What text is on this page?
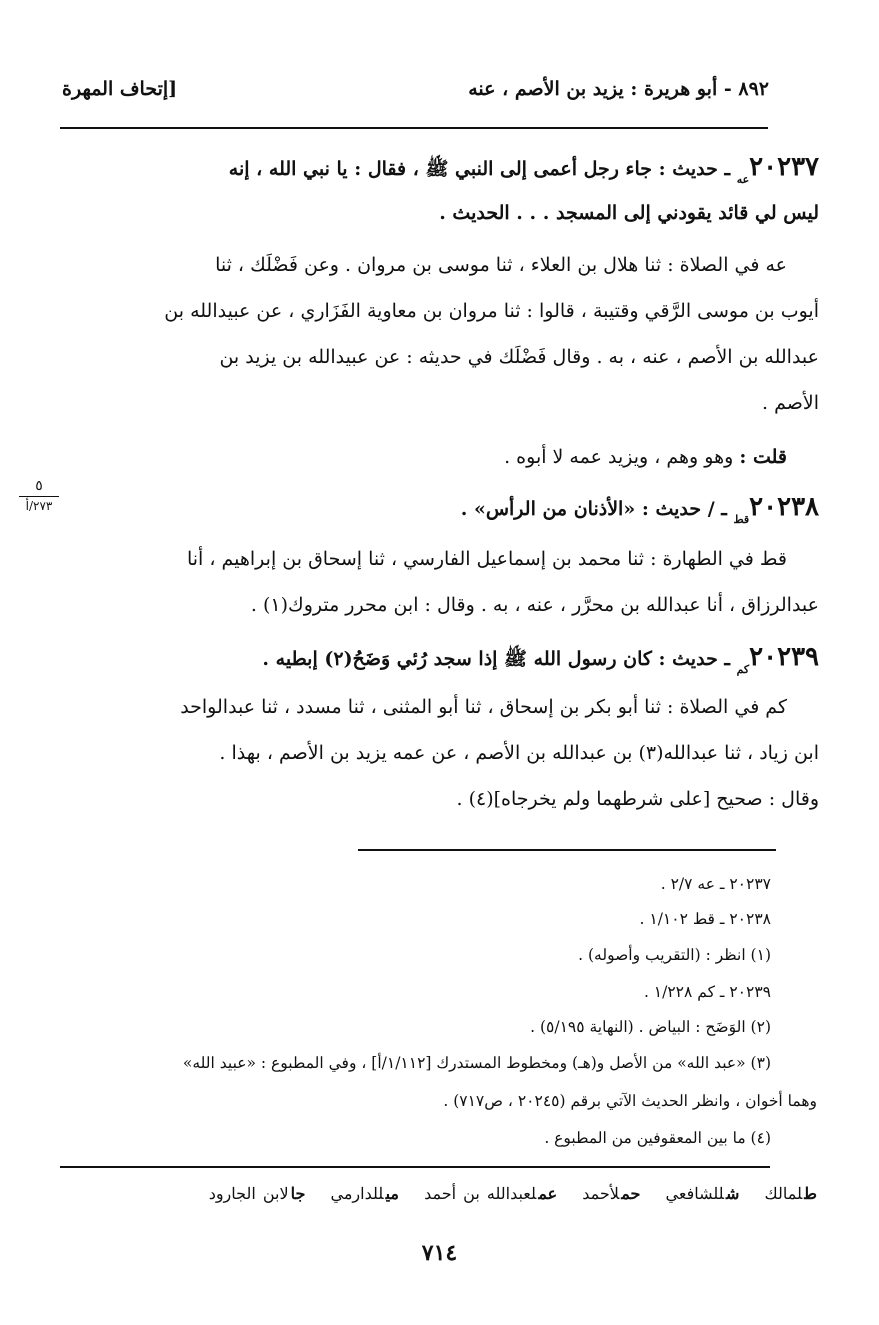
٨٩٢ - أبو هريرة : يزيد بن الأصم ، عنه
[إتحاف المهرة
$٢٠٢٣٧_{عه}$ ـ حديث : جاء رجل أعمى إلى النبي ﷺ ، فقال : يا نبي الله ، إنه
ليس لي قائد يقودني إلى المسجد . . . الحديث .
عه في الصلاة : ثنا هلال بن العلاء ، ثنا موسى بن مروان . وعن فَضْلَك ، ثنا
أيوب بن موسى الرَّقي وقتيبة ، قالوا : ثنا مروان بن معاوية الفَزَاري ، عن عبيدالله بن
عبدالله بن الأصم ، عنه ، به . وقال فَضْلَك في حديثه : عن عبيدالله بن يزيد بن
الأصم .
قلت : وهو وهم ، ويزيد عمه لا أبوه .
٥
٢٧٣/أ	$٢٠٢٣٨_{قط}$ ـ / حديث : «الأذنان من الرأس» .
قط في الطهارة : ثنا محمد بن إسماعيل الفارسي ، ثنا إسحاق بن إبراهيم ، أنا
عبدالرزاق ، أنا عبدالله بن محرَّر ، عنه ، به . وقال : ابن محرر متروك(١) .
$٢٠٢٣٩_{كم}$ ـ حديث : كان رسول الله ﷺ إذا سجد رُئي وَضَحُ(٢) إبطيه .
كم في الصلاة : ثنا أبو بكر بن إسحاق ، ثنا أبو المثنى ، ثنا مسدد ، ثنا عبدالواحد
ابن زياد ، ثنا عبدالله(٣) بن عبدالله بن الأصم ، عن عمه يزيد بن الأصم ، بهذا .
وقال : صحيح [على شرطهما ولم يخرجاه](٤) .
٢٠٢٣٧ ـ عه ٢/٧ .
٢٠٢٣٨ ـ قط ١/١٠٢ .
(١) انظر : (التقريب وأصوله) .
٢٠٢٣٩ ـ كم ١/٢٢٨ .
(٢) الوَضَح : البياض . (النهاية ٥/١٩٥) .
(٣) «عبد الله» من الأصل و(هـ) ومخطوط المستدرك [١/١١٢/أ] ، وفي المطبوع : «عبيد الله»
وهما أخوان ، وانظر الحديث الآتي برقم (٢٠٢٤٥ ، ص٧١٧) .
(٤) ما بين المعقوفين من المطبوع .
طلمالك شللشافعي حملأحمد عملعبدالله بن أحمد ميللدارمي جالابن الجارود
٧١٤
